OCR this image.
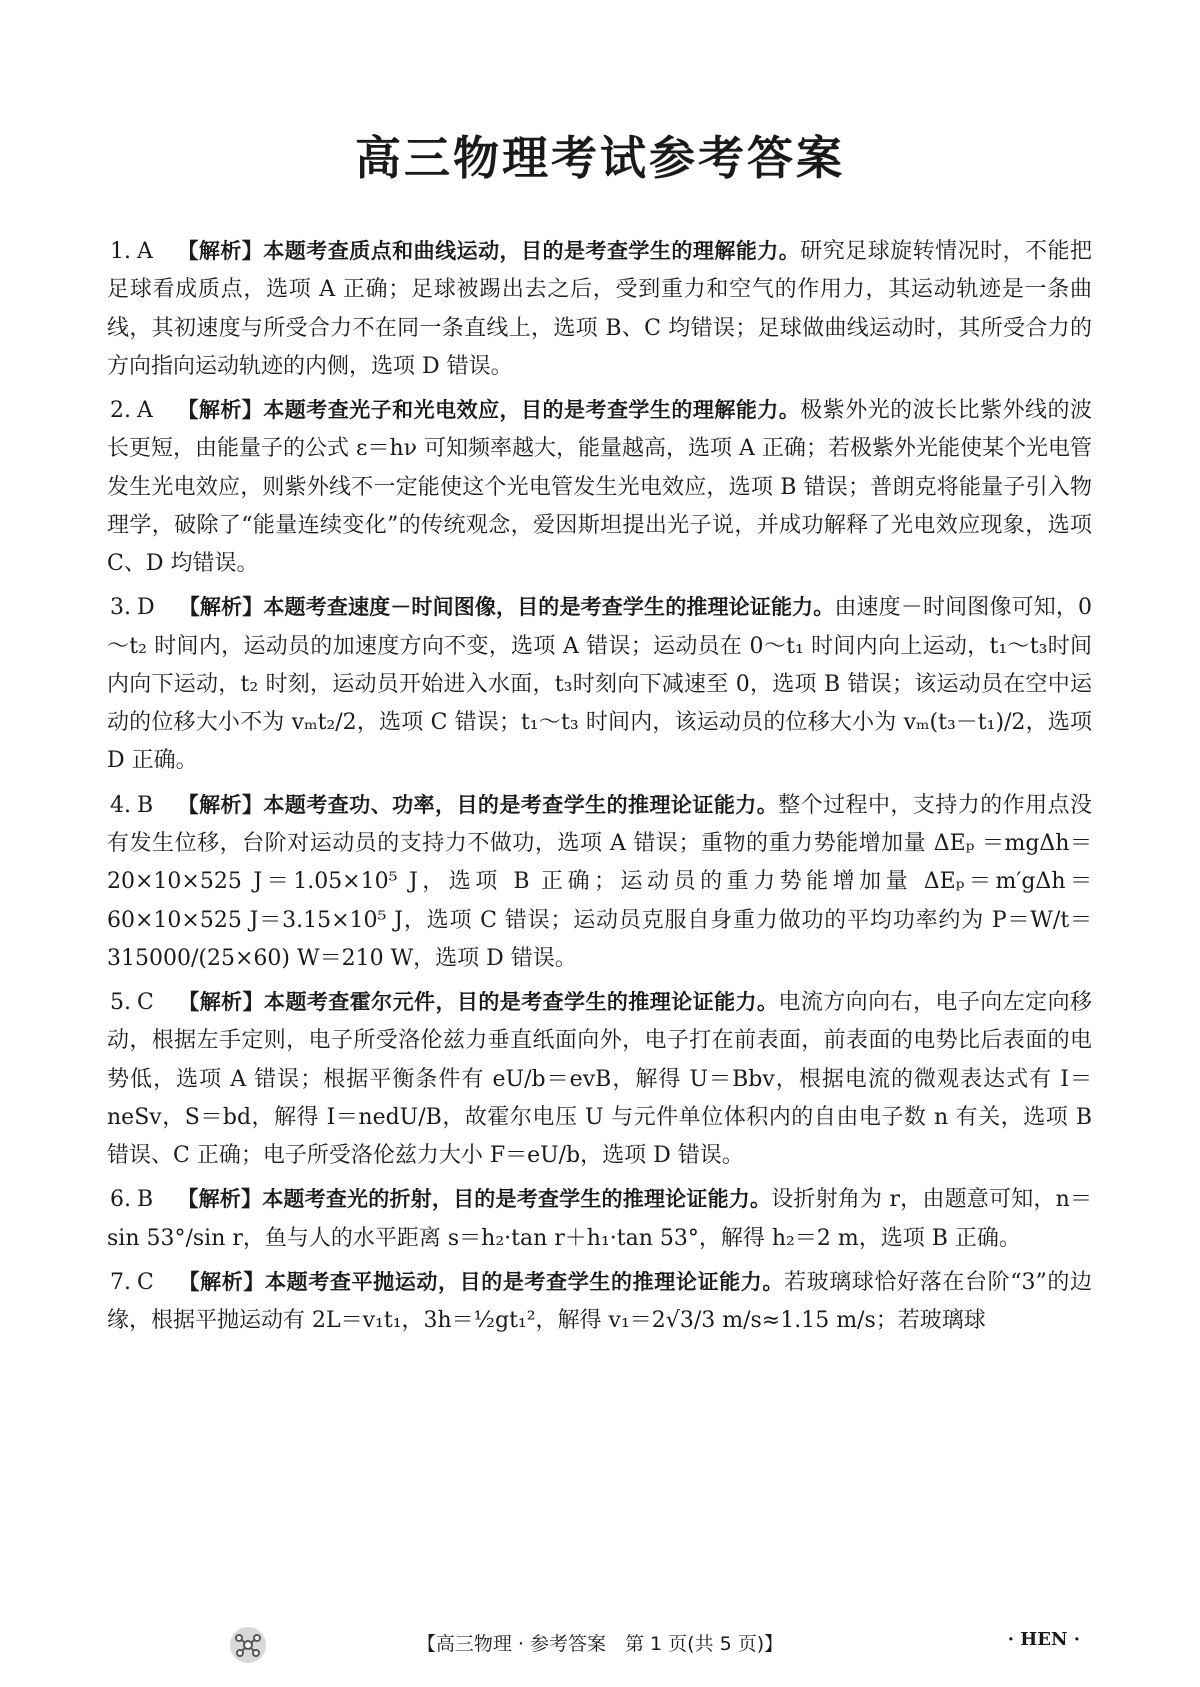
高三物理考试参考答案
1. A 【解析】本题考查质点和曲线运动，目的是考查学生的理解能力。研究足球旋转情况时，不能把足球看成质点，选项 A 正确；足球被踢出去之后，受到重力和空气的作用力，其运动轨迹是一条曲线，其初速度与所受合力不在同一条直线上，选项 B、C 均错误；足球做曲线运动时，其所受合力的方向指向运动轨迹的内侧，选项 D 错误。
2. A 【解析】本题考查光子和光电效应，目的是考查学生的理解能力。极紫外光的波长比紫外线的波长更短，由能量子的公式 ε＝hν 可知频率越大，能量越高，选项 A 正确；若极紫外光能使某个光电管发生光电效应，则紫外线不一定能使这个光电管发生光电效应，选项 B 错误；普朗克将能量子引入物理学，破除了“能量连续变化”的传统观念，爱因斯坦提出光子说，并成功解释了光电效应现象，选项 C、D 均错误。
3. D 【解析】本题考查速度－时间图像，目的是考查学生的推理论证能力。由速度－时间图像可知，0～t₂ 时间内，运动员的加速度方向不变，选项 A 错误；运动员在 0～t₁ 时间内向上运动，t₁～t₃时间内向下运动，t₂ 时刻，运动员开始进入水面，t₃时刻向下减速至 0，选项 B 错误；该运动员在空中运动的位移大小不为 vₘt₂/2，选项 C 错误；t₁～t₃ 时间内，该运动员的位移大小为 vₘ(t₃－t₁)/2，选项 D 正确。
4. B 【解析】本题考查功、功率，目的是考查学生的推理论证能力。整个过程中，支持力的作用点没有发生位移，台阶对运动员的支持力不做功，选项 A 错误；重物的重力势能增加量 ΔEₚ ＝mgΔh＝20×10×525 J＝1.05×10⁵ J，选项 B 正确；运动员的重力势能增加量 ΔEₚ＝m′gΔh＝60×10×525 J＝3.15×10⁵ J，选项 C 错误；运动员克服自身重力做功的平均功率约为 P＝W/t＝315000/(25×60) W＝210 W，选项 D 错误。
5. C 【解析】本题考查霍尔元件，目的是考查学生的推理论证能力。电流方向向右，电子向左定向移动，根据左手定则，电子所受洛伦兹力垂直纸面向外，电子打在前表面，前表面的电势比后表面的电势低，选项 A 错误；根据平衡条件有 eU/b＝evB，解得 U＝Bbv，根据电流的微观表达式有 I＝neSv，S＝bd，解得 I＝nedU/B，故霍尔电压 U 与元件单位体积内的自由电子数 n 有关，选项 B 错误、C 正确；电子所受洛伦兹力大小 F＝eU/b，选项 D 错误。
6. B 【解析】本题考查光的折射，目的是考查学生的推理论证能力。设折射角为 r，由题意可知，n＝sin 53°/sin r，鱼与人的水平距离 s＝h₂·tan r＋h₁·tan 53°，解得 h₂＝2 m，选项 B 正确。
7. C 【解析】本题考查平抛运动，目的是考查学生的推理论证能力。若玻璃球恰好落在台阶“3”的边缘，根据平抛运动有 2L＝v₁t₁，3h＝½gt₁²，解得 v₁＝2√3/3 m/s≈1.15 m/s；若玻璃球
【高三物理 · 参考答案　第 1 页(共 5 页)】	· HEN ·
